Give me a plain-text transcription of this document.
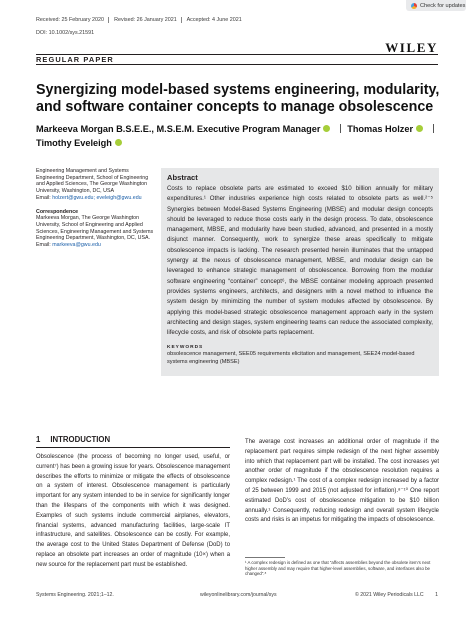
Received: 25 February 2020 Revised: 26 January 2021 Accepted: 4 June 2021
DOI: 10.1002/sys.21591
Check for updates
WILEY
REGULAR PAPER
Synergizing model-based systems engineering, modularity, and software container concepts to manage obsolescence
Markeeva Morgan B.S.E.E., M.S.E.M. Executive Program Manager	Thomas Holzer
Timothy Eveleigh

Engineering Management and Systems Engineering Department, School of Engineering and Applied Sciences, The George Washington University, Washington, DC, USA
Email: holzert@gwu.edu; eveleigh@gwu.edu

Correspondence
Markeeva Morgan, The George Washington University, School of Engineering and Applied Sciences, Engineering Management and Systems Engineering Department, Washington, DC, USA.
Email: markeeva@gwu.edu

Abstract
Costs to replace obsolete parts are estimated to exceed $10 billion annually for military expenditures.¹ Other industries experience high costs related to obsolete parts as well.²⁻⁵ Synergies between Model-Based Systems Engineering (MBSE) and modular design concepts should be leveraged to reduce those costs early in the design process. To date, obsolescence management, MBSE, and modularity have been studied, advanced, and presented in a mostly disjunct manner. Consequently, work to synergize these areas specifically to mitigate obsolescence impacts is lacking. The research presented herein illuminates that the untapped synergy at the nexus of obsolescence management, MBSE, and modular design can be leveraged to enhance strategic management of obsolescence. Borrowing from the modular software engineering “container” concept⁶, the MBSE container modeling approach presented provides systems engineers, architects, and designers with a novel method to influence the system design by minimizing the number of system modules affected by obsolescence. By applying this model-based strategic obsolescence management approach early in the system architecting and design stages, system engineering teams can reduce the associated complexity, lifecycle costs, and risk of obsolete parts replacement.
KEYWORDS
obsolescence management, SEE05 requirements elicitation and management, SEE24 model-based systems engineering (MBSE)
1 INTRODUCTION
Obsolescence (the process of becoming no longer used, useful, or current⁷) has been a growing issue for years. Obsolescence management describes the efforts to minimize or mitigate the effects of obsolescence on a system of interest. Obsolescence management is particularly important for any system intended to be in service for significantly longer than the lifespans of the components with which it was designed. Examples of such systems include commercial airplanes, elevators, financial systems, advanced manufacturing facilities, large-scale IT infrastructure, and satellites. Obsolescence can be costly. For example, the average cost to the United States Department of Defense (DoD) to replace an obsolete part increases an order of magnitude (10×) when a new source for the replacement part must be established.
The average cost increases an additional order of magnitude if the replacement part requires simple redesign of the next higher assembly into which that replacement part will be installed. The cost increases yet another order of magnitude if the obsolescence resolution requires a complex redesign.¹ The cost of a complex redesign increased by a factor of 25 between 1999 and 2015 (not adjusted for inflation).⁸⁻¹⁰ One report estimated DoD’s cost of obsolescence mitigation to be $10 billion annually.¹ Consequently, reducing redesign and overall system lifecycle costs and risks is an impetus for mitigating the impacts of obsolescence.
¹ A complex redesign is defined as one that “affects assemblies beyond the obsolete item’s next higher assembly and may require that higher-level assemblies, software, and interfaces also be changed”.⁸
Systems Engineering. 2021;1–12.	wileyonlinelibrary.com/journal/sys	© 2021 Wiley Periodicals LLC 1
